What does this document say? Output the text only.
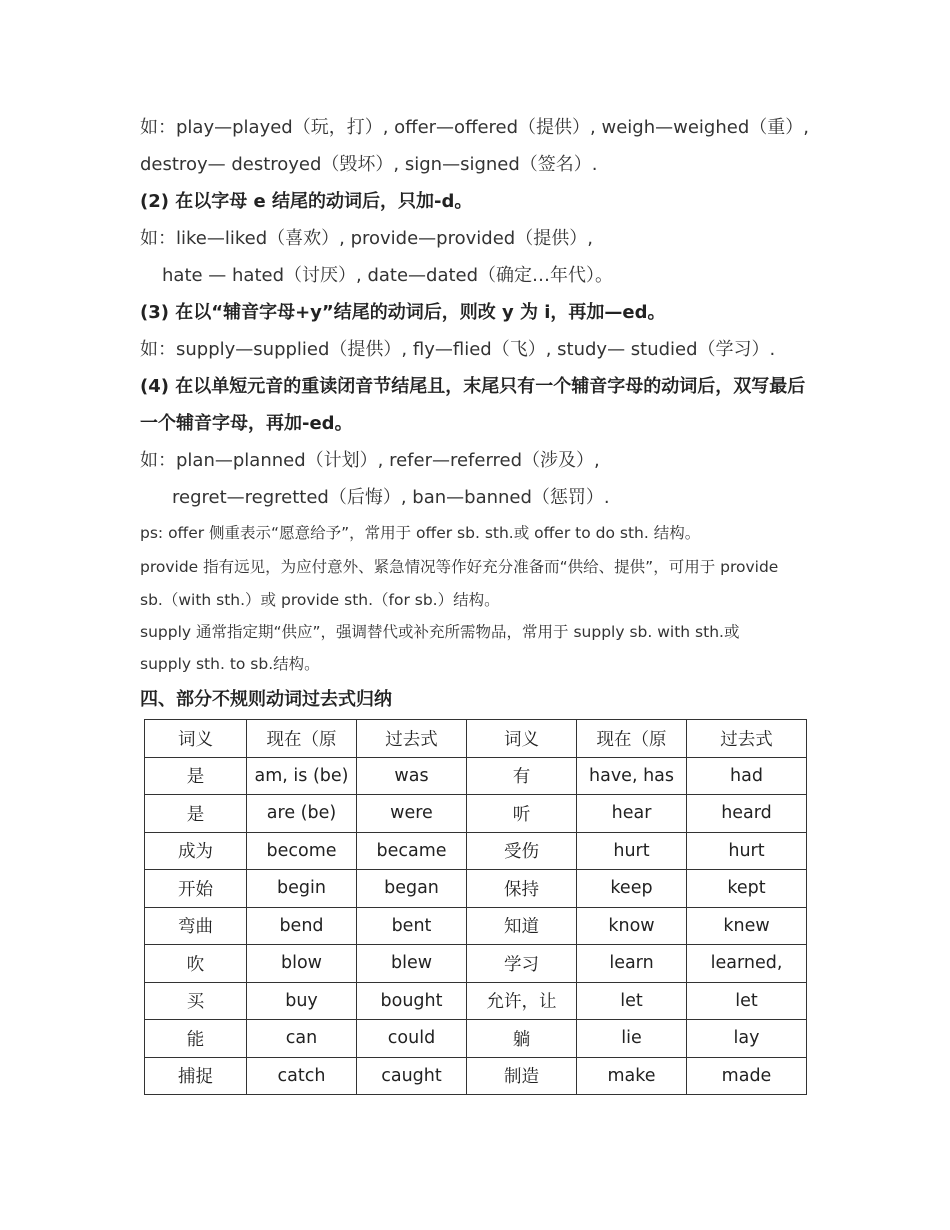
如：play—played（玩，打）, offer—offered（提供）, weigh—weighed（重）,
destroy— destroyed（毁坏）, sign—signed（签名）.
(2) 在以字母 e 结尾的动词后，只加-d。
如：like—liked（喜欢）, provide—provided（提供）,
hate — hated（讨厌）, date—dated（确定…年代）。
(3) 在以“辅音字母+y”结尾的动词后，则改 y 为 i，再加—ed。
如：supply—supplied（提供）, fly—flied（飞）, study— studied（学习）.
(4) 在以单短元音的重读闭音节结尾且，末尾只有一个辅音字母的动词后，双写最后
一个辅音字母，再加-ed。
如：plan—planned（计划）, refer—referred（涉及）,
regret—regretted（后悔）, ban—banned（惩罚）.
ps: offer 侧重表示“愿意给予”，常用于 offer sb. sth.或 offer to do sth. 结构。
provide 指有远见，为应付意外、紧急情况等作好充分准备而“供给、提供”，可用于 provide
sb.（with sth.）或 provide sth.（for sb.）结构。
supply 通常指定期“供应”，强调替代或补充所需物品，常用于 supply sb. with sth.或
supply sth. to sb.结构。
四、部分不规则动词过去式归纳
词义	现在（原	过去式	词义	现在（原	过去式
是	am, is (be)	was	有	have, has	had
是	are (be)	were	听	hear	heard
成为	become	became	受伤	hurt	hurt
开始	begin	began	保持	keep	kept
弯曲	bend	bent	知道	know	knew
吹	blow	blew	学习	learn	learned,
买	buy	bought	允许，让	let	let
能	can	could	躺	lie	lay
捕捉	catch	caught	制造	make	made
